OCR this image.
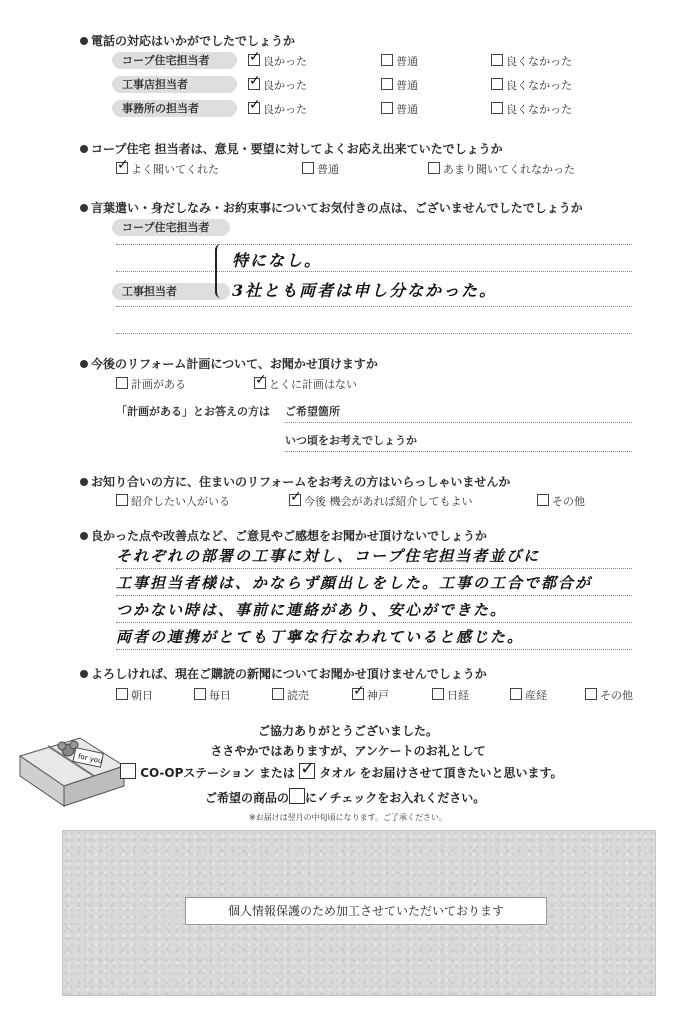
電話の対応はいかがでしたでしょうか
コープ住宅担当者 ✓	良かった	普通	良くなかった
工事店担当者 ✓	良かった	普通	良くなかった
事務所の担当者 ✓	良かった	普通	良くなかった
コープ住宅 担当者は、意見・要望に対してよくお応え出来ていたでしょうか
✓よく聞いてくれた	普通	あまり聞いてくれなかった
言葉遣い・身だしなみ・お約束事についてお気付きの点は、ございませんでしたでしょうか
コープ住宅担当者
工事担当者
特になし。
3社とも両者は申し分なかった。
今後のリフォーム計画について、お聞かせ頂けますか
計画がある ✓	とくに計画はない
「計画がある」とお答えの方は ご希望箇所
いつ頃をお考えでしょうか
お知り合いの方に、住まいのリフォームをお考えの方はいらっしゃいませんか
紹介したい人がいる ✓	今後 機会があれば紹介してもよい	その他
良かった点や改善点など、ご意見やご感想をお聞かせ頂けないでしょうか
それぞれの部署の工事に対し、コープ住宅担当者並びに
工事担当者様は、かならず顔出しをした。工事の工合で都合が
つかない時は、事前に連絡があり、安心ができた。
両者の連携がとても丁寧な行なわれていると感じた。
よろしければ、現在ご購読の新聞についてお聞かせ頂けませんでしょうか
朝日	毎日	読売 ✓	神戸	日経	産経	その他
for you
ご協力ありがとうございました。
ささやかではありますが、アンケートのお礼として
CO-OPステーション または ✓ タオル をお届けさせて頂きたいと思います。
ご希望の商品の に✓チェックをお入れください。
※お届けは翌月の中旬頃になります。ご了承ください。
個人情報保護のため加工させていただいております
